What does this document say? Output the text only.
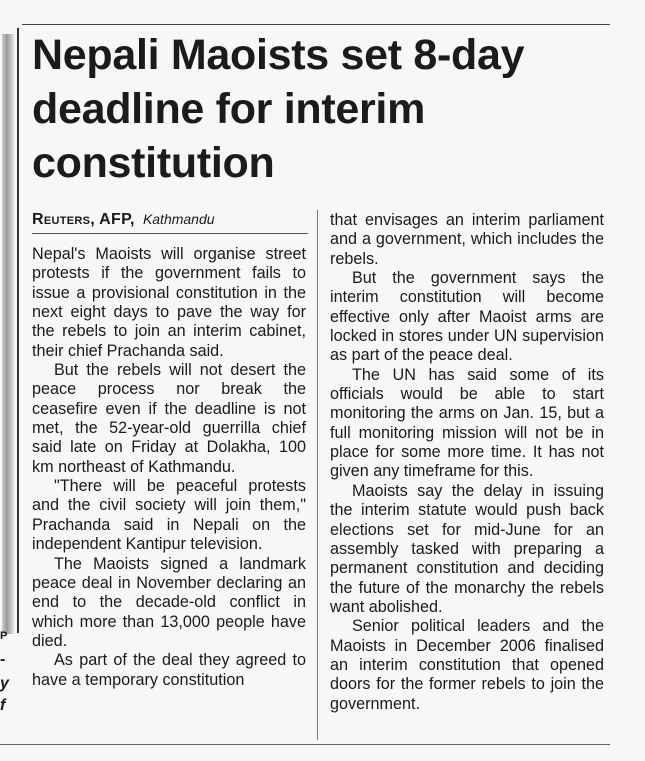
P
-
y
f
Nepali Maoists set 8-day deadline for interim constitution
Reuters, AFP, Kathmandu

Nepal's Maoists will organise street protests if the government fails to issue a provisional constitution in the next eight days to pave the way for the rebels to join an interim cabinet, their chief Prachanda said.

But the rebels will not desert the peace process nor break the ceasefire even if the deadline is not met, the 52-year-old guerrilla chief said late on Friday at Dolakha, 100 km northeast of Kathmandu.

"There will be peaceful protests and the civil society will join them," Prachanda said in Nepali on the independent Kantipur television.

The Maoists signed a landmark peace deal in November declaring an end to the decade-old conflict in which more than 13,000 people have died.

As part of the deal they agreed to have a temporary constitution

that envisages an interim parliament and a government, which includes the rebels.

But the government says the interim constitution will become effective only after Maoist arms are locked in stores under UN supervision as part of the peace deal.

The UN has said some of its officials would be able to start monitoring the arms on Jan. 15, but a full monitoring mission will not be in place for some more time. It has not given any timeframe for this.

Maoists say the delay in issuing the interim statute would push back elections set for mid-June for an assembly tasked with preparing a permanent constitution and deciding the future of the monarchy the rebels want abolished.

Senior political leaders and the Maoists in December 2006 finalised an interim constitution that opened doors for the former rebels to join the government.
